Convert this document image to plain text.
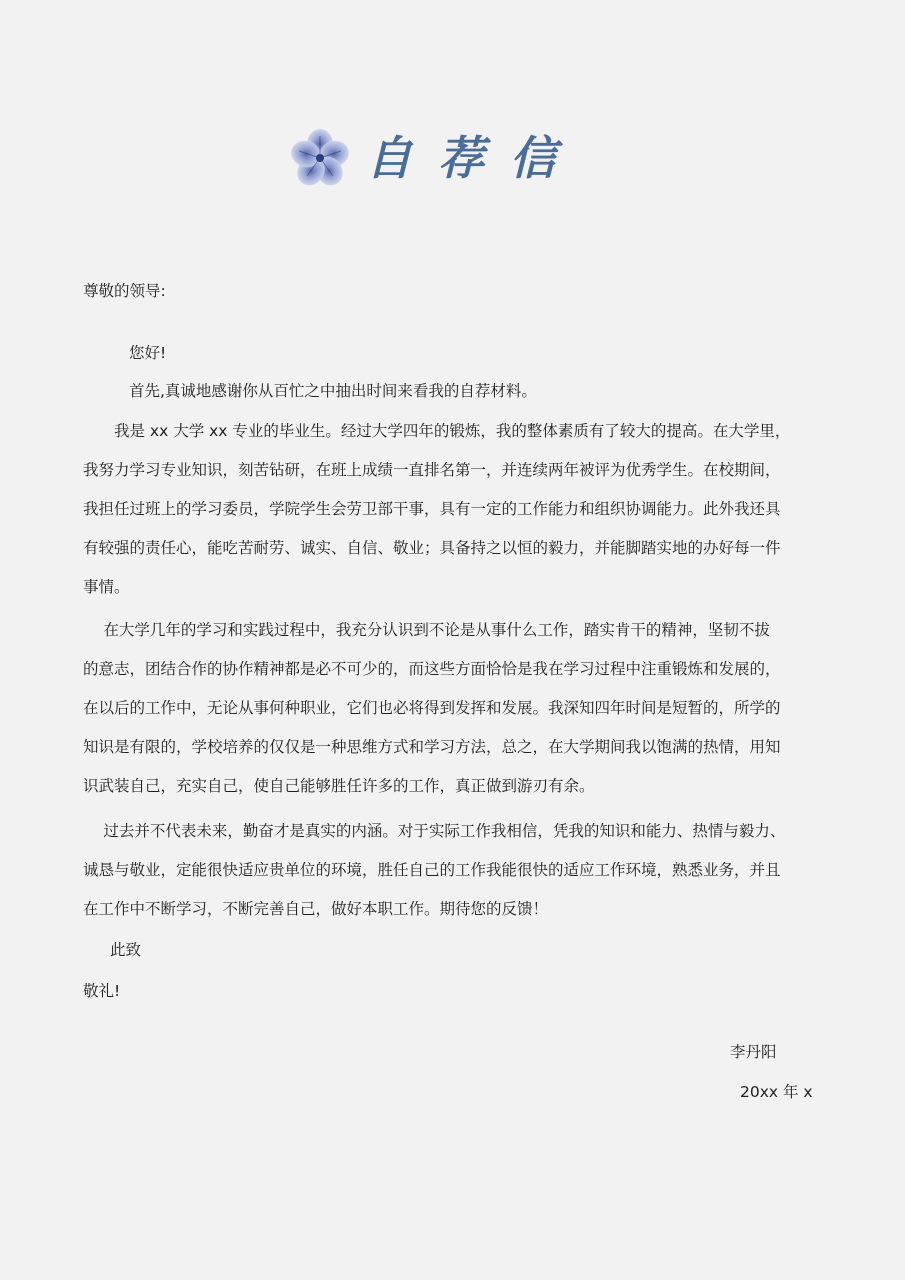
自荐信
尊敬的领导:
您好!
首先,真诚地感谢你从百忙之中抽出时间来看我的自荐材料。
　　我是 xx 大学 xx 专业的毕业生。经过大学四年的锻炼，我的整体素质有了较大的提高。在大学里，
我努力学习专业知识，刻苦钻研，在班上成绩一直排名第一，并连续两年被评为优秀学生。在校期间，
我担任过班上的学习委员，学院学生会劳卫部干事，具有一定的工作能力和组织协调能力。此外我还具
有较强的责任心，能吃苦耐劳、诚实、自信、敬业；具备持之以恒的毅力，并能脚踏实地的办好每一件
事情。
　 在大学几年的学习和实践过程中，我充分认识到不论是从事什么工作，踏实肯干的精神，坚韧不拔
的意志，团结合作的协作精神都是必不可少的，而这些方面恰恰是我在学习过程中注重锻炼和发展的，
在以后的工作中，无论从事何种职业，它们也必将得到发挥和发展。我深知四年时间是短暂的，所学的
知识是有限的，学校培养的仅仅是一种思维方式和学习方法，总之，在大学期间我以饱满的热情，用知
识武装自己，充实自己，使自己能够胜任许多的工作，真正做到游刃有余。
　 过去并不代表未来，勤奋才是真实的内涵。对于实际工作我相信，凭我的知识和能力、热情与毅力、
诚恳与敬业，定能很快适应贵单位的环境，胜任自己的工作我能很快的适应工作环境，熟悉业务，并且
在工作中不断学习，不断完善自己，做好本职工作。期待您的反馈！
此致
敬礼!
李丹阳
20xx 年 x
